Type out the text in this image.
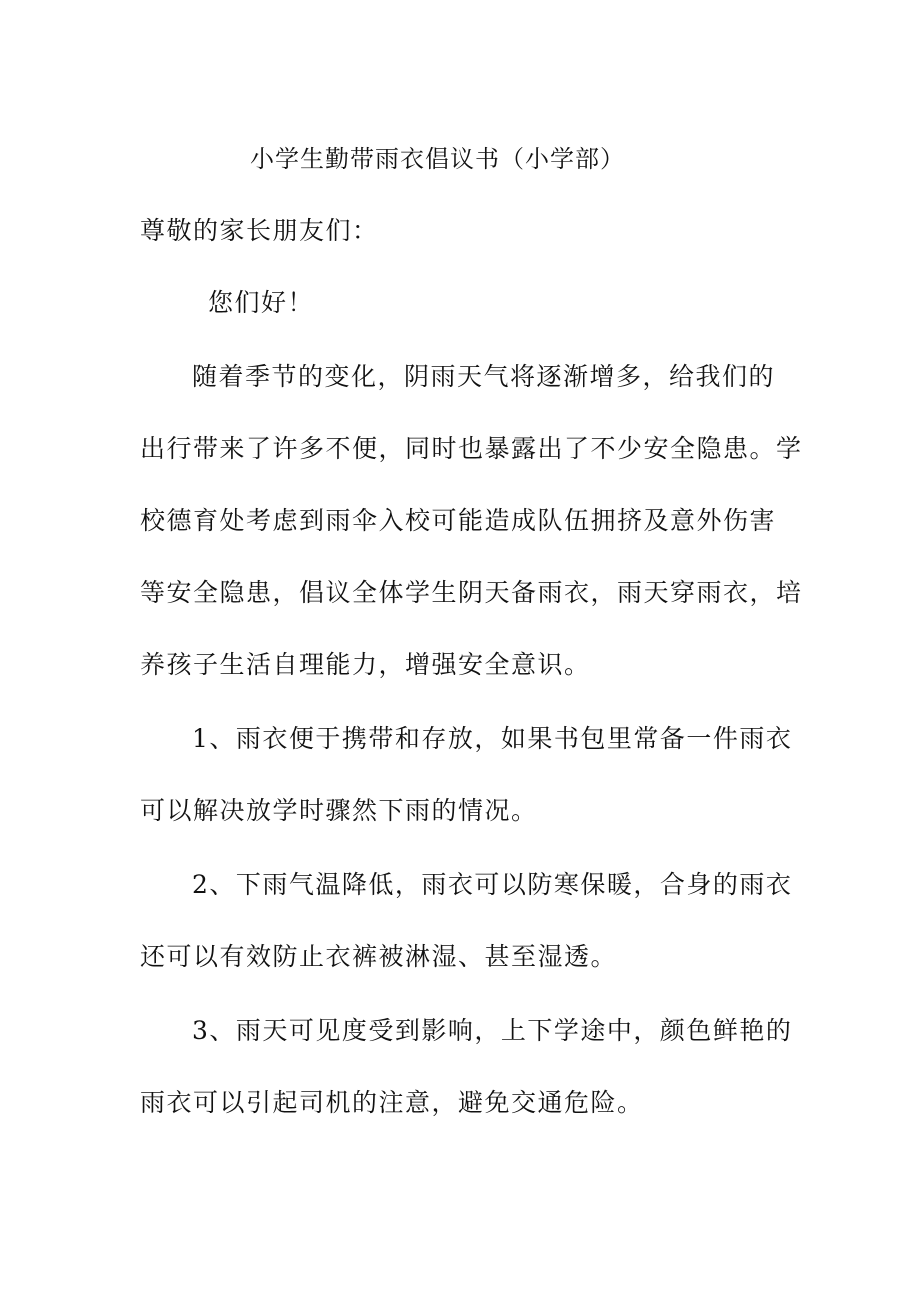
小学生勤带雨衣倡议书（小学部）
尊敬的家长朋友们：
您们好！
随着季节的变化，阴雨天气将逐渐增多，给我们的
出行带来了许多不便，同时也暴露出了不少安全隐患。学
校德育处考虑到雨伞入校可能造成队伍拥挤及意外伤害
等安全隐患，倡议全体学生阴天备雨衣，雨天穿雨衣，培
养孩子生活自理能力，增强安全意识。
1、雨衣便于携带和存放，如果书包里常备一件雨衣
可以解决放学时骤然下雨的情况。
2、下雨气温降低，雨衣可以防寒保暖，合身的雨衣
还可以有效防止衣裤被淋湿、甚至湿透。
3、雨天可见度受到影响，上下学途中，颜色鲜艳的
雨衣可以引起司机的注意，避免交通危险。
